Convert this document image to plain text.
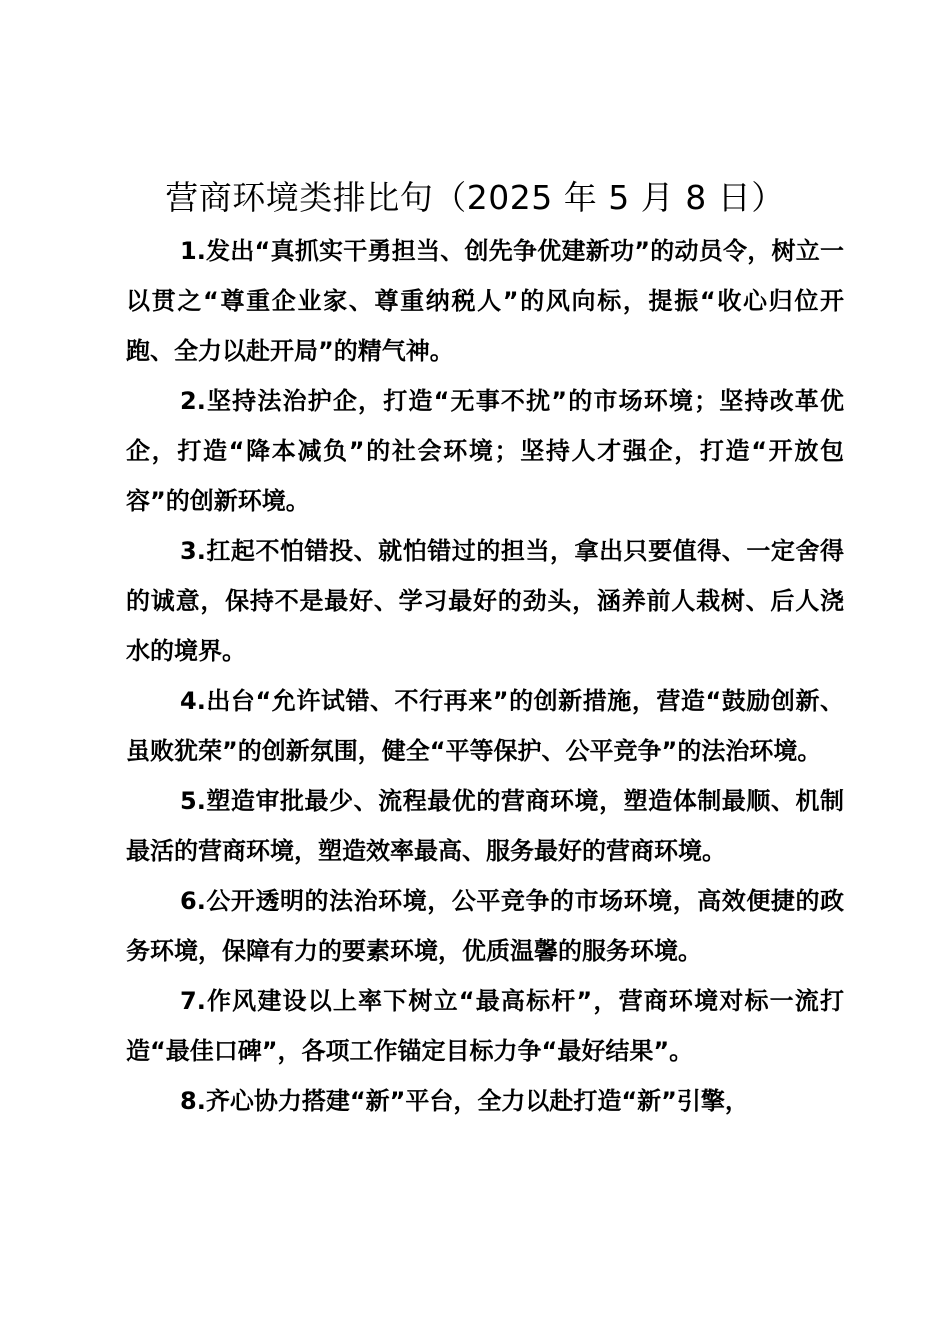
营商环境类排比句（2025 年 5 月 8 日）

1.发出“真抓实干勇担当、创先争优建新功”的动员令，树立一以贯之“尊重企业家、尊重纳税人”的风向标，提振“收心归位开跑、全力以赴开局”的精气神。

2.坚持法治护企，打造“无事不扰”的市场环境；坚持改革优企，打造“降本减负”的社会环境；坚持人才强企，打造“开放包容”的创新环境。

3.扛起不怕错投、就怕错过的担当，拿出只要值得、一定舍得的诚意，保持不是最好、学习最好的劲头，涵养前人栽树、后人浇水的境界。

4.出台“允许试错、不行再来”的创新措施，营造“鼓励创新、虽败犹荣”的创新氛围，健全“平等保护、公平竞争”的法治环境。

5.塑造审批最少、流程最优的营商环境，塑造体制最顺、机制最活的营商环境，塑造效率最高、服务最好的营商环境。

6.公开透明的法治环境，公平竞争的市场环境，高效便捷的政务环境，保障有力的要素环境，优质温馨的服务环境。

7.作风建设以上率下树立“最高标杆”，营商环境对标一流打造“最佳口碑”，各项工作锚定目标力争“最好结果”。

8.齐心协力搭建“新”平台，全力以赴打造“新”引擎，
